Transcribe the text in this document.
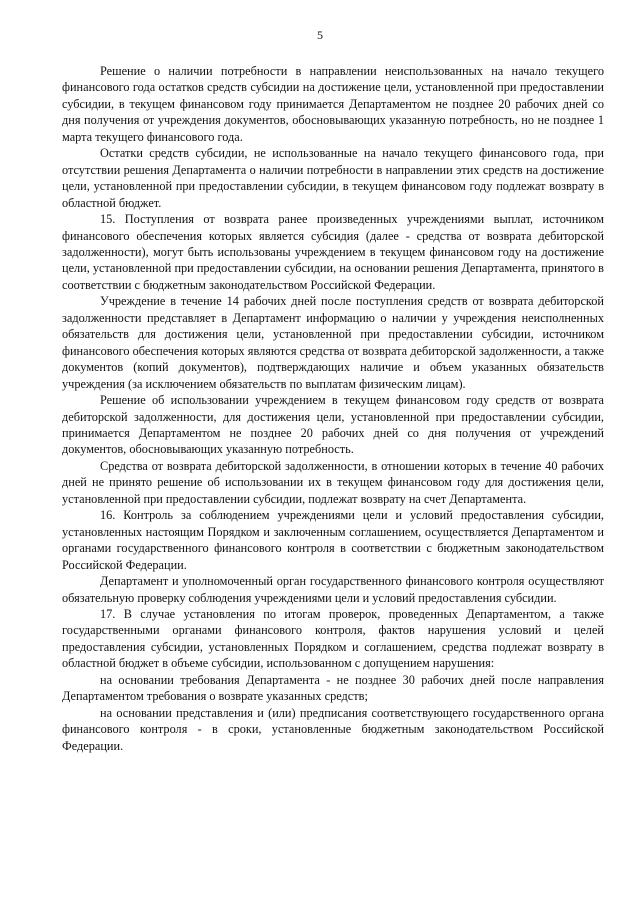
5

Решение о наличии потребности в направлении неиспользованных на начало текущего финансового года остатков средств субсидии на достижение цели, установленной при предоставлении субсидии, в текущем финансовом году принимается Департаментом не позднее 20 рабочих дней со дня получения от учреждения документов, обосновывающих указанную потребность, но не позднее 1 марта текущего финансового года.

Остатки средств субсидии, не использованные на начало текущего финансового года, при отсутствии решения Департамента о наличии потребности в направлении этих средств на достижение цели, установленной при предоставлении субсидии, в текущем финансовом году подлежат возврату в областной бюджет.

15. Поступления от возврата ранее произведенных учреждениями выплат, источником финансового обеспечения которых является субсидия (далее - средства от возврата дебиторской задолженности), могут быть использованы учреждением в текущем финансовом году на достижение цели, установленной при предоставлении субсидии, на основании решения Департамента, принятого в соответствии с бюджетным законодательством Российской Федерации.

Учреждение в течение 14 рабочих дней после поступления средств от возврата дебиторской задолженности представляет в Департамент информацию о наличии у учреждения неисполненных обязательств для достижения цели, установленной при предоставлении субсидии, источником финансового обеспечения которых являются средства от возврата дебиторской задолженности, а также документов (копий документов), подтверждающих наличие и объем указанных обязательств учреждения (за исключением обязательств по выплатам физическим лицам).

Решение об использовании учреждением в текущем финансовом году средств от возврата дебиторской задолженности, для достижения цели, установленной при предоставлении субсидии, принимается Департаментом не позднее 20 рабочих дней со дня получения от учреждений документов, обосновывающих указанную потребность.

Средства от возврата дебиторской задолженности, в отношении которых в течение 40 рабочих дней не принято решение об использовании их в текущем финансовом году для достижения цели, установленной при предоставлении субсидии, подлежат возврату на счет Департамента.

16. Контроль за соблюдением учреждениями цели и условий предоставления субсидии, установленных настоящим Порядком и заключенным соглашением, осуществляется Департаментом и органами государственного финансового контроля в соответствии с бюджетным законодательством Российской Федерации.

Департамент и уполномоченный орган государственного финансового контроля осуществляют обязательную проверку соблюдения учреждениями цели и условий предоставления субсидии.

17. В случае установления по итогам проверок, проведенных Департаментом, а также государственными органами финансового контроля, фактов нарушения условий и целей предоставления субсидии, установленных Порядком и соглашением, средства подлежат возврату в областной бюджет в объеме субсидии, использованном с допущением нарушения:

на основании требования Департамента - не позднее 30 рабочих дней после направления Департаментом требования о возврате указанных средств;

на основании представления и (или) предписания соответствующего государственного органа финансового контроля - в сроки, установленные бюджетным законодательством Российской Федерации.
